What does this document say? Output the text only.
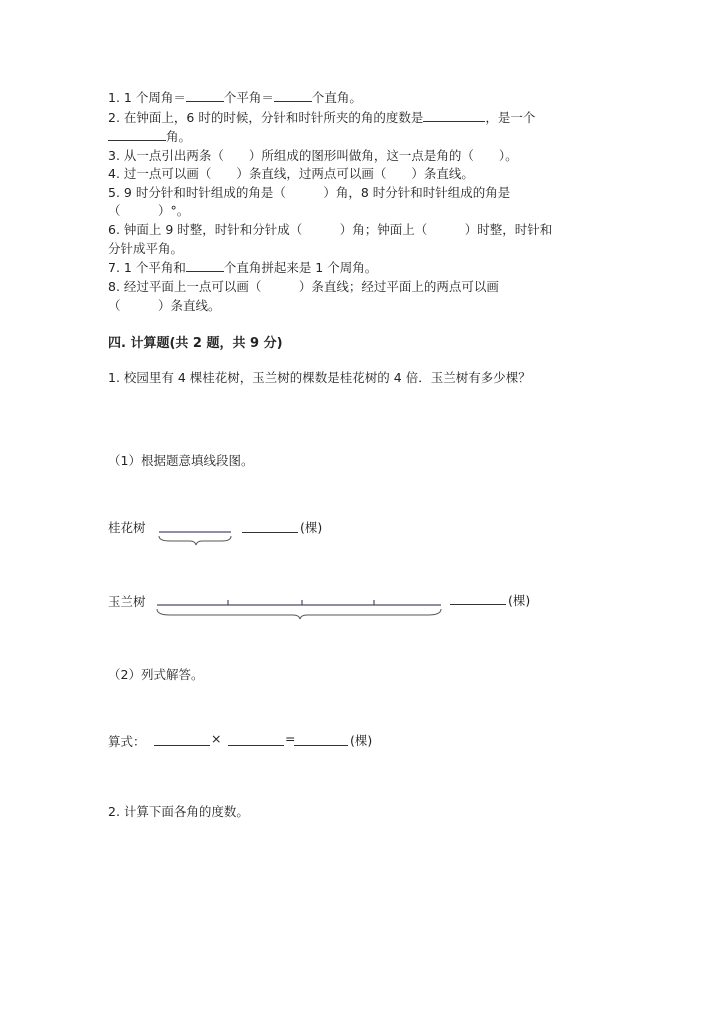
1. 1 个周角＝	个平角＝	个直角。
2. 在钟面上，6 时的时候，分针和时针所夹的角的度数是	，是一个
角。
3. 从一点引出两条（　　）所组成的图形叫做角，这一点是角的（　　）。
4. 过一点可以画（　　）条直线，过两点可以画（　　）条直线。
5. 9 时分针和时针组成的角是（　　　）角，8 时分针和时针组成的角是
（　　　）°。
6. 钟面上 9 时整，时针和分针成（　　　）角；钟面上（　　　）时整，时针和
分针成平角。
7. 1 个平角和	个直角拼起来是 1 个周角。
8. 经过平面上一点可以画（　　　）条直线；经过平面上的两点可以画
（　　　）条直线。
四. 计算题(共 2 题，共 9 分)
1. 校园里有 4 棵桂花树，玉兰树的棵数是桂花树的 4 倍．玉兰树有多少棵？
（1）根据题意填线段图。
桂花树	(棵)
玉兰树	(棵)
（2）列式解答。
算式：	×	=	(棵)
2. 计算下面各角的度数。
